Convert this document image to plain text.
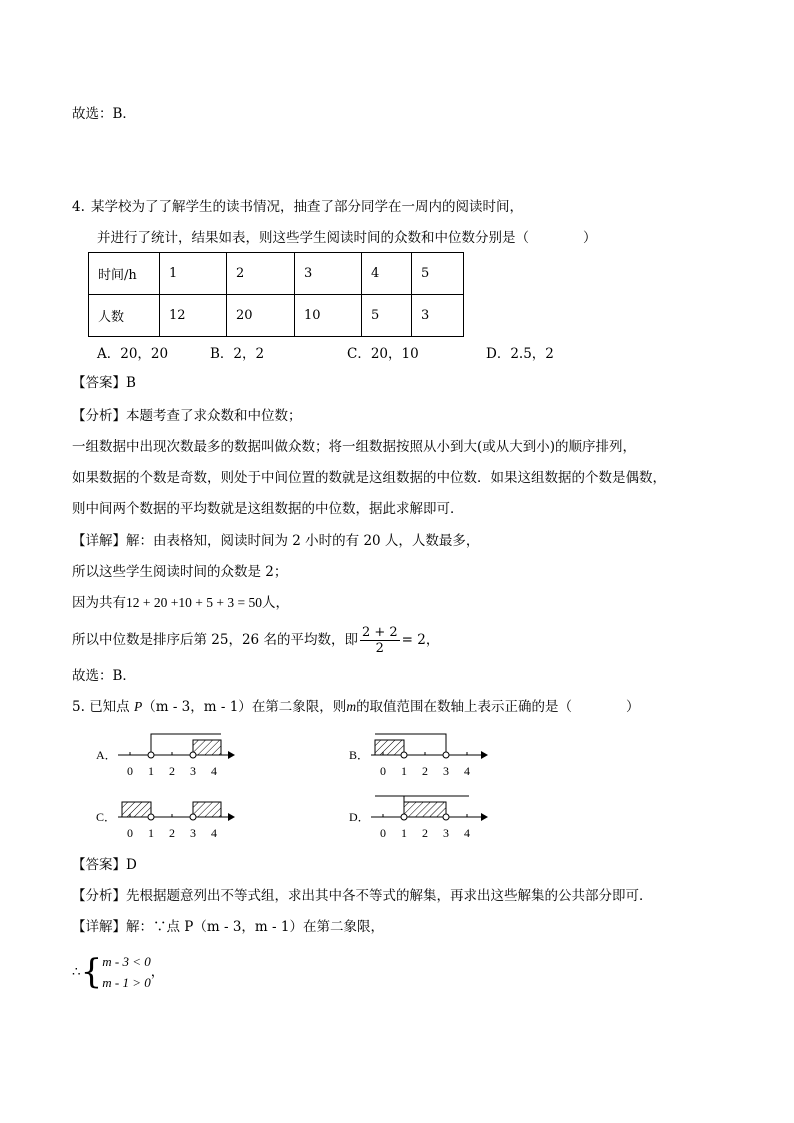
故选：B．
4. 某学校为了了解学生的读书情况，抽查了部分同学在一周内的阅读时间，
并进行了统计，结果如表，则这些学生阅读时间的众数和中位数分别是（　　　　）
时间/h	1	2	3	4	5
人数	12	20	10	5	3
A．20，20	B．2，2	C．20，10	D．2.5，2
【答案】B
【分析】本题考查了求众数和中位数；
一组数据中出现次数最多的数据叫做众数；将一组数据按照从小到大(或从大到小)的顺序排列，
如果数据的个数是奇数，则处于中间位置的数就是这组数据的中位数．如果这组数据的个数是偶数，
则中间两个数据的平均数就是这组数据的中位数，据此求解即可．
【详解】解：由表格知，阅读时间为 2 小时的有 20 人，人数最多，
所以这些学生阅读时间的众数是 2；
因为共有12 + 20 +10 + 5 + 3 = 50人，
所以中位数是排序后第 25，26 名的平均数，即 $\frac{2 + 2}{2} = 2$，
故选：B．
5. 已知点 P（m - 3，m - 1）在第二象限，则m的取值范围在数轴上表示正确的是（　　　　）
A．
0 1 2 3 4
B．
0 1 2 3 4
C．
0 1 2 3 4
D．
0 1 2 3 4
【答案】D
【分析】先根据题意列出不等式组，求出其中各不等式的解集，再求出这些解集的公共部分即可．
【详解】解：∵点 P（m - 3，m - 1）在第二象限，
∴ { m - 3 < 0
m - 1 > 0
，
